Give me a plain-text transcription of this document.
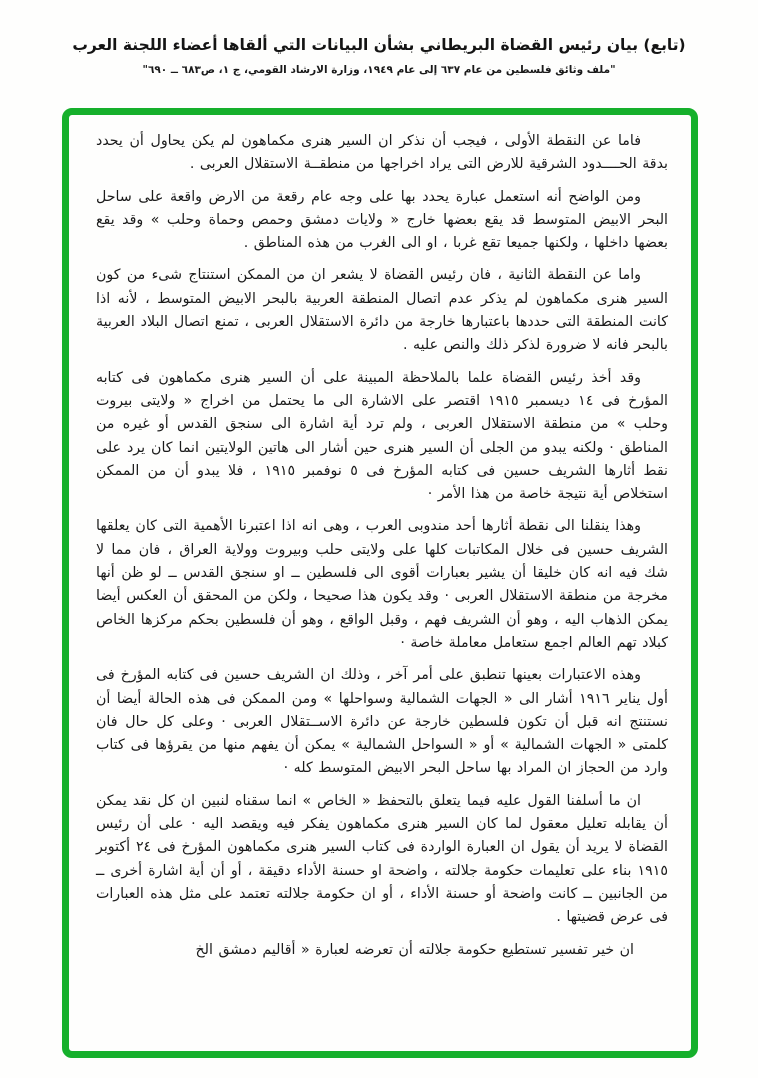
(تابع) بيان رئيس القضاة البريطاني بشأن البيانات التي ألقاها أعضاء اللجنة العرب
"ملف وثائق فلسطين من عام ٦٣٧ إلى عام ١٩٤٩، وزارة الارشاد القومي، ج ١، ص٦٨٣ ــ ٦٩٠"

فاما عن النقطة الأولى ، فيجب أن نذكر ان السير هنرى مكماهون لم يكن يحاول أن يحدد بدقة الحــــدود الشرقية للارض التى يراد اخراجها من منطقــة الاستقلال العربى .

ومن الواضح أنه استعمل عبارة يحدد بها على وجه عام رقعة من الارض واقعة على ساحل البحر الابيض المتوسط قد يقع بعضها خارج « ولايات دمشق وحمص وحماة وحلب » وقد يقع بعضها داخلها ، ولكنها جميعا تقع غربا ، او الى الغرب من هذه المناطق .

واما عن النقطة الثانية ، فان رئيس القضاة لا يشعر ان من الممكن استنتاج شىء من كون السير هنرى مكماهون لم يذكر عدم اتصال المنطقة العربية بالبحر الابيض المتوسط ، لأنه اذا كانت المنطقة التى حددها باعتبارها خارجة من دائرة الاستقلال العربى ، تمنع اتصال البلاد العربية بالبحر فانه لا ضرورة لذكر ذلك والنص عليه .

وقد أخذ رئيس القضاة علما بالملاحظة المبينة على أن السير هنرى مكماهون فى كتابه المؤرخ فى ١٤ ديسمبر ١٩١٥ اقتصر على الاشارة الى ما يحتمل من اخراج « ولايتى بيروت وحلب » من منطقة الاستقلال العربى ، ولم ترد أية اشارة الى سنجق القدس أو غيره من المناطق · ولكنه يبدو من الجلى أن السير هنرى حين أشار الى هاتين الولايتين انما كان يرد على نقط أثارها الشريف حسين فى كتابه المؤرخ فى ٥ نوفمبر ١٩١٥ ، فلا يبدو أن من الممكن استخلاص أية نتيجة خاصة من هذا الأمر ·

وهذا ينقلنا الى نقطة أثارها أحد مندوبى العرب ، وهى انه اذا اعتبرنا الأهمية التى كان يعلقها الشريف حسين فى خلال المكاتبات كلها على ولايتى حلب وبيروت وولاية العراق ، فان مما لا شك فيه انه كان خليقا أن يشير بعبارات أقوى الى فلسطين ــ او سنجق القدس ــ لو ظن أنها مخرجة من منطقة الاستقلال العربى · وقد يكون هذا صحيحا ، ولكن من المحقق أن العكس أيضا يمكن الذهاب اليه ، وهو أن الشريف فهم ، وقبل الواقع ، وهو أن فلسطين بحكم مركزها الخاص كبلاد تهم العالم اجمع ستعامل معاملة خاصة ·

وهذه الاعتبارات بعينها تنطبق على أمر آخر ، وذلك ان الشريف حسين فى كتابه المؤرخ فى أول يناير ١٩١٦ أشار الى « الجهات الشمالية وسواحلها » ومن الممكن فى هذه الحالة أيضا أن نستنتج انه قبل أن تكون فلسطين خارجة عن دائرة الاســتقلال العربى · وعلى كل حال فان كلمتى « الجهات الشمالية » أو « السواحل الشمالية » يمكن أن يفهم منها من يقرؤها فى كتاب وارد من الحجاز ان المراد بها ساحل البحر الابيض المتوسط كله ·

ان ما أسلفنا القول عليه فيما يتعلق بالتحفظ « الخاص » انما سقناه لنبين ان كل نقد يمكن أن يقابله تعليل معقول لما كان السير هنرى مكماهون يفكر فيه ويقصد اليه · على أن رئيس القضاة لا يريد أن يقول ان العبارة الواردة فى كتاب السير هنرى مكماهون المؤرخ فى ٢٤ أكتوبر ١٩١٥ بناء على تعليمات حكومة جلالته ، واضحة او حسنة الأداء دقيقة ، أو أن أية اشارة أخرى ــ من الجانبين ــ كانت واضحة أو حسنة الأداء ، أو ان حكومة جلالته تعتمد على مثل هذه العبارات فى عرض قضيتها .

ان خير تفسير تستطيع حكومة جلالته أن تعرضه لعبارة « أقاليم دمشق الخ
